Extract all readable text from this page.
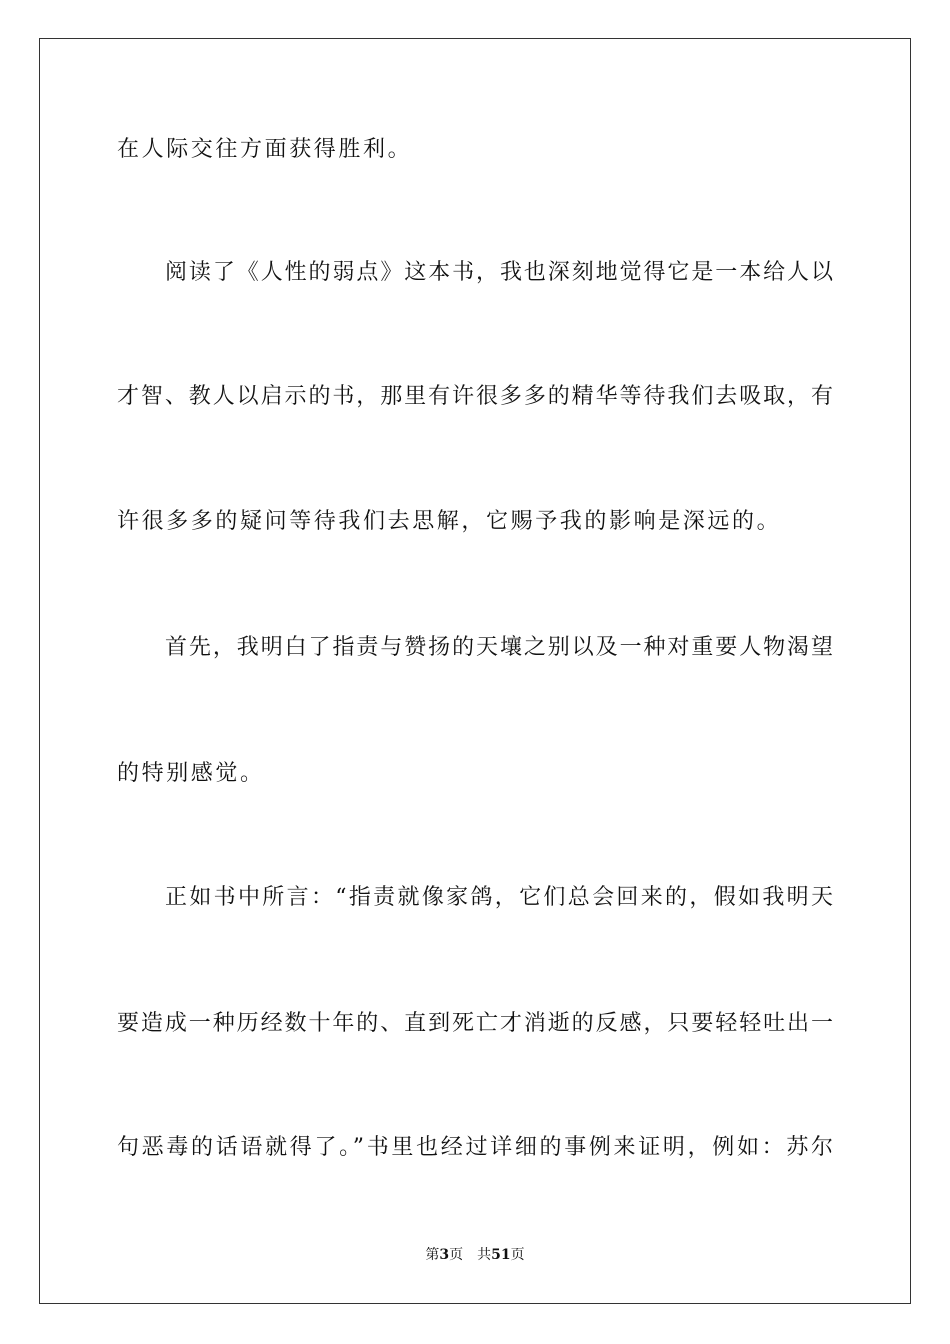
在人际交往方面获得胜利。
阅读了《人性的弱点》这本书，我也深刻地觉得它是一本给人以
才智、教人以启示的书，那里有许很多多的精华等待我们去吸取，有
许很多多的疑问等待我们去思解，它赐予我的影响是深远的。
首先，我明白了指责与赞扬的天壤之别以及一种对重要人物渴望
的特别感觉。
正如书中所言：“指责就像家鸽，它们总会回来的，假如我明天
要造成一种历经数十年的、直到死亡才消逝的反感，只要轻轻吐出一
句恶毒的话语就得了。”书里也经过详细的事例来证明，例如：苏尔
第3页 共51页
